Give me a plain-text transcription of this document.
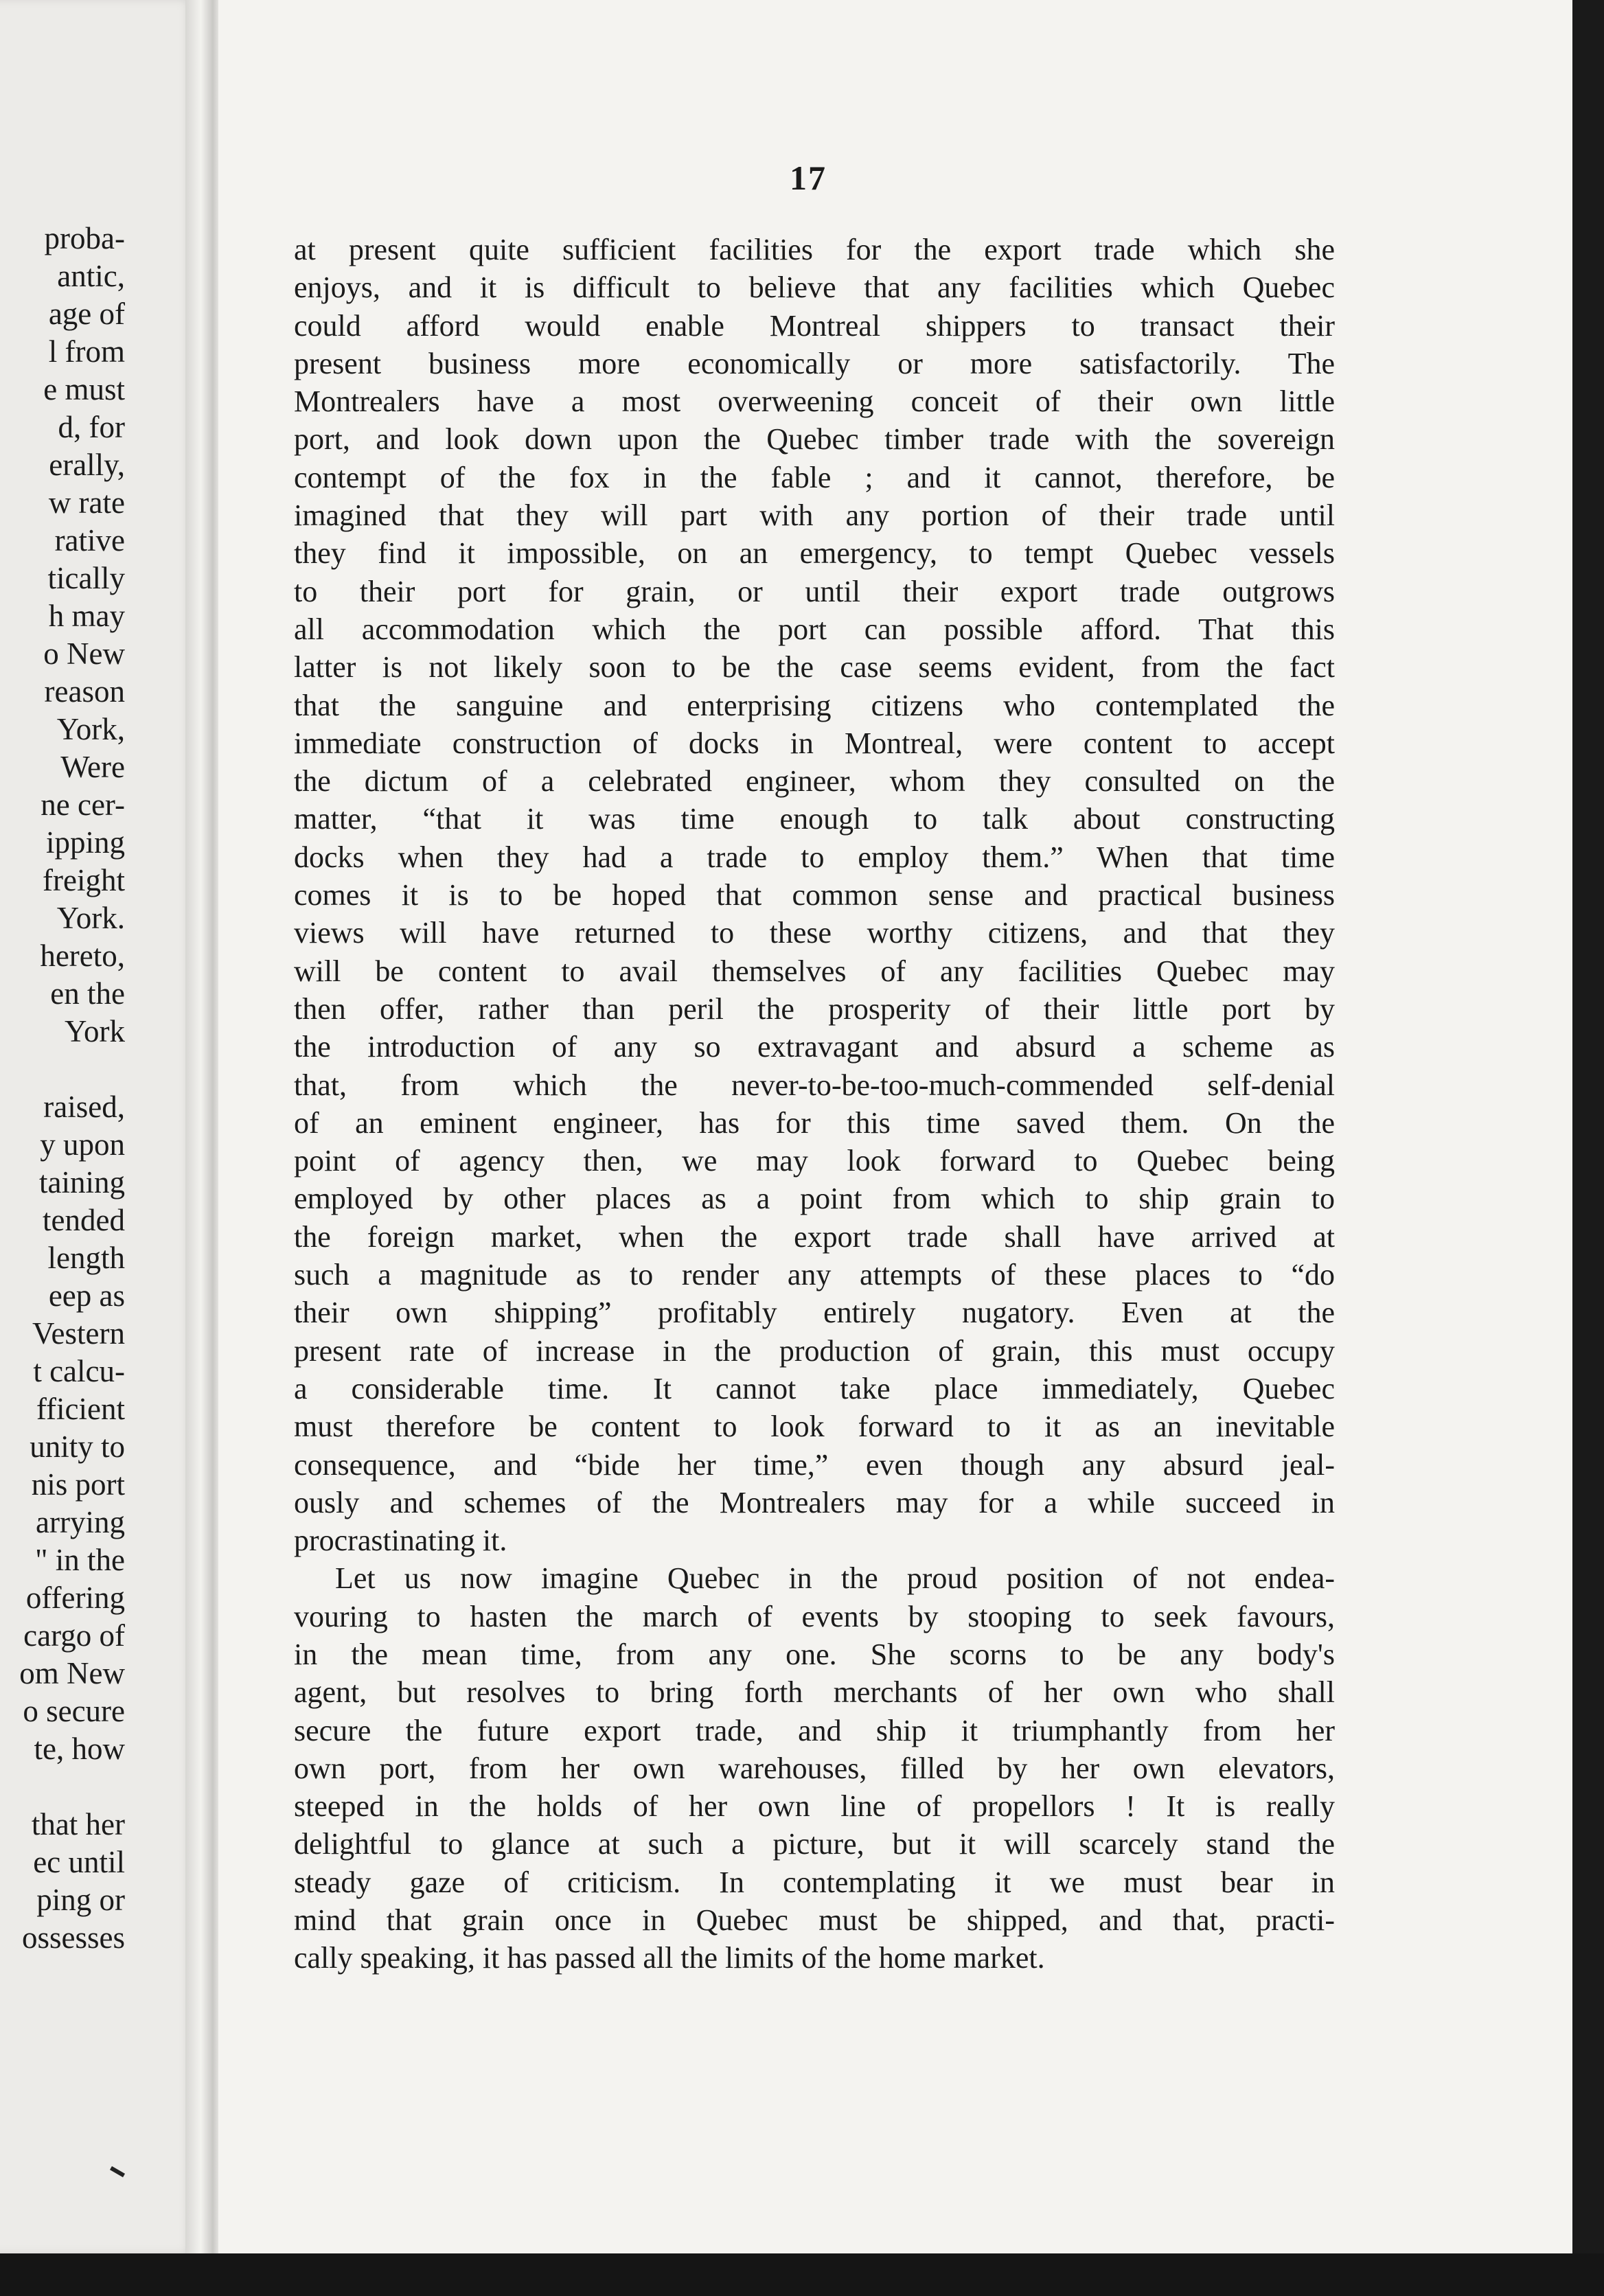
proba-
antic,
age of
l from
e must
d, for
erally,
w rate
rative
tically
h may
o New
reason
York,
Were
ne cer-
ipping
freight
York.
hereto,
en the
York
raised,
y upon
taining
tended
length
eep as
Vestern
t calcu-
fficient
unity to
nis port
arrying
" in the
offering
cargo of
om New
o secure
te, how
that her
ec until
ping or
ossesses
17
at present quite sufficient facilities for the export trade which she
enjoys, and it is difficult to believe that any facilities which Quebec
could afford would enable Montreal shippers to transact their
present business more economically or more satisfactorily. The
Montrealers have a most overweening conceit of their own little
port, and look down upon the Quebec timber trade with the sovereign
contempt of the fox in the fable ; and it cannot, therefore, be
imagined that they will part with any portion of their trade until
they find it impossible, on an emergency, to tempt Quebec vessels
to their port for grain, or until their export trade outgrows
all accommodation which the port can possible afford. That this
latter is not likely soon to be the case seems evident, from the fact
that the sanguine and enterprising citizens who contemplated the
immediate construction of docks in Montreal, were content to accept
the dictum of a celebrated engineer, whom they consulted on the
matter, “that it was time enough to talk about constructing
docks when they had a trade to employ them.” When that time
comes it is to be hoped that common sense and practical business
views will have returned to these worthy citizens, and that they
will be content to avail themselves of any facilities Quebec may
then offer, rather than peril the prosperity of their little port by
the introduction of any so extravagant and absurd a scheme as
that, from which the never-to-be-too-much-commended self-denial
of an eminent engineer, has for this time saved them. On the
point of agency then, we may look forward to Quebec being
employed by other places as a point from which to ship grain to
the foreign market, when the export trade shall have arrived at
such a magnitude as to render any attempts of these places to “do
their own shipping” profitably entirely nugatory. Even at the
present rate of increase in the production of grain, this must occupy
a considerable time. It cannot take place immediately, Quebec
must therefore be content to look forward to it as an inevitable
consequence, and “bide her time,” even though any absurd jeal-
ously and schemes of the Montrealers may for a while succeed in
procrastinating it.
Let us now imagine Quebec in the proud position of not endea-
vouring to hasten the march of events by stooping to seek favours,
in the mean time, from any one. She scorns to be any body's
agent, but resolves to bring forth merchants of her own who shall
secure the future export trade, and ship it triumphantly from her
own port, from her own warehouses, filled by her own elevators,
steeped in the holds of her own line of propellors ! It is really
delightful to glance at such a picture, but it will scarcely stand the
steady gaze of criticism. In contemplating it we must bear in
mind that grain once in Quebec must be shipped, and that, practi-
cally speaking, it has passed all the limits of the home market.
